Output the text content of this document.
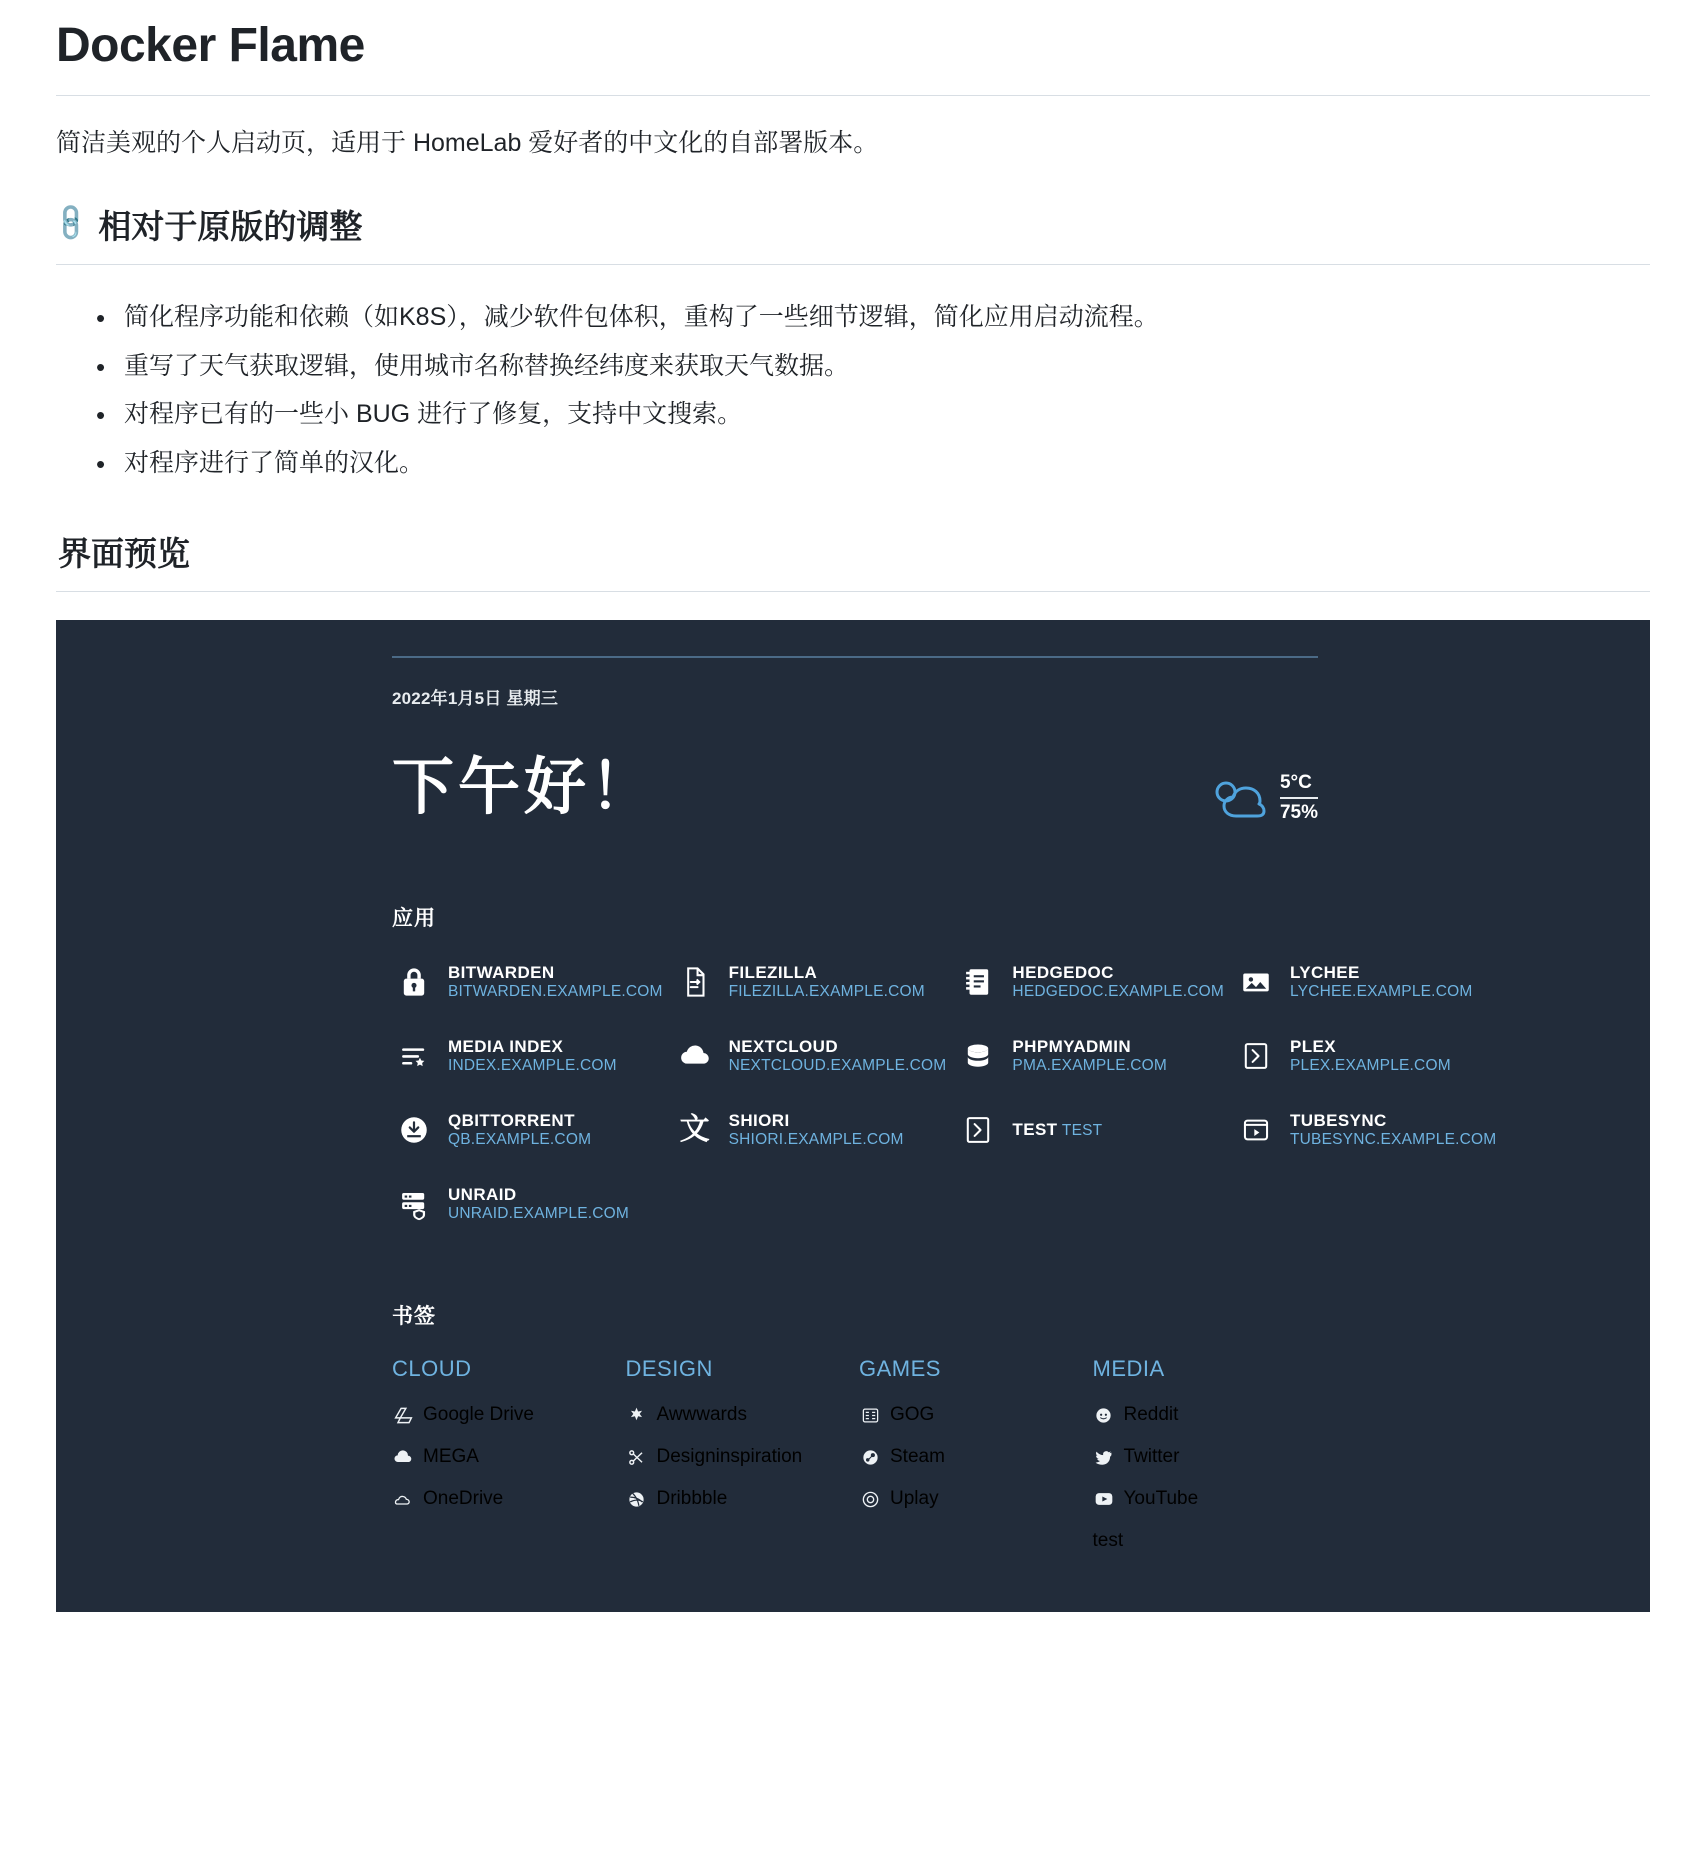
Docker Flame

简洁美观的个人启动页，适用于 HomeLab 爱好者的中文化的自部署版本。

🔗 相对于原版的调整
• 简化程序功能和依赖（如K8S），减少软件包体积，重构了一些细节逻辑，简化应用启动流程。
• 重写了天气获取逻辑，使用城市名称替换经纬度来获取天气数据。
• 对程序已有的一些小 BUG 进行了修复，支持中文搜索。
• 对程序进行了简单的汉化。
界面预览
2022年1月5日 星期三
下午好！	5°C
75%
应用
BITWARDEN BITWARDEN.EXAMPLE.COM
FILEZILLA FILEZILLA.EXAMPLE.COM
HEDGEDOC HEDGEDOC.EXAMPLE.COM
LYCHEE LYCHEE.EXAMPLE.COM
MEDIA INDEX INDEX.EXAMPLE.COM
NEXTCLOUD NEXTCLOUD.EXAMPLE.COM
PHPMYADMIN PMA.EXAMPLE.COM
PLEX PLEX.EXAMPLE.COM
QBITTORRENT QB.EXAMPLE.COM	文 SHIORI SHIORI.EXAMPLE.COM
TEST TEST
TUBESYNC TUBESYNC.EXAMPLE.COM
UNRAID UNRAID.EXAMPLE.COM
书签
CLOUD
Google Drive
MEGA
OneDrive
DESIGN
Awwwards
Designinspiration
Dribbble
GAMES
GOG
Steam
Uplay
MEDIA
Reddit
Twitter
YouTube
test
